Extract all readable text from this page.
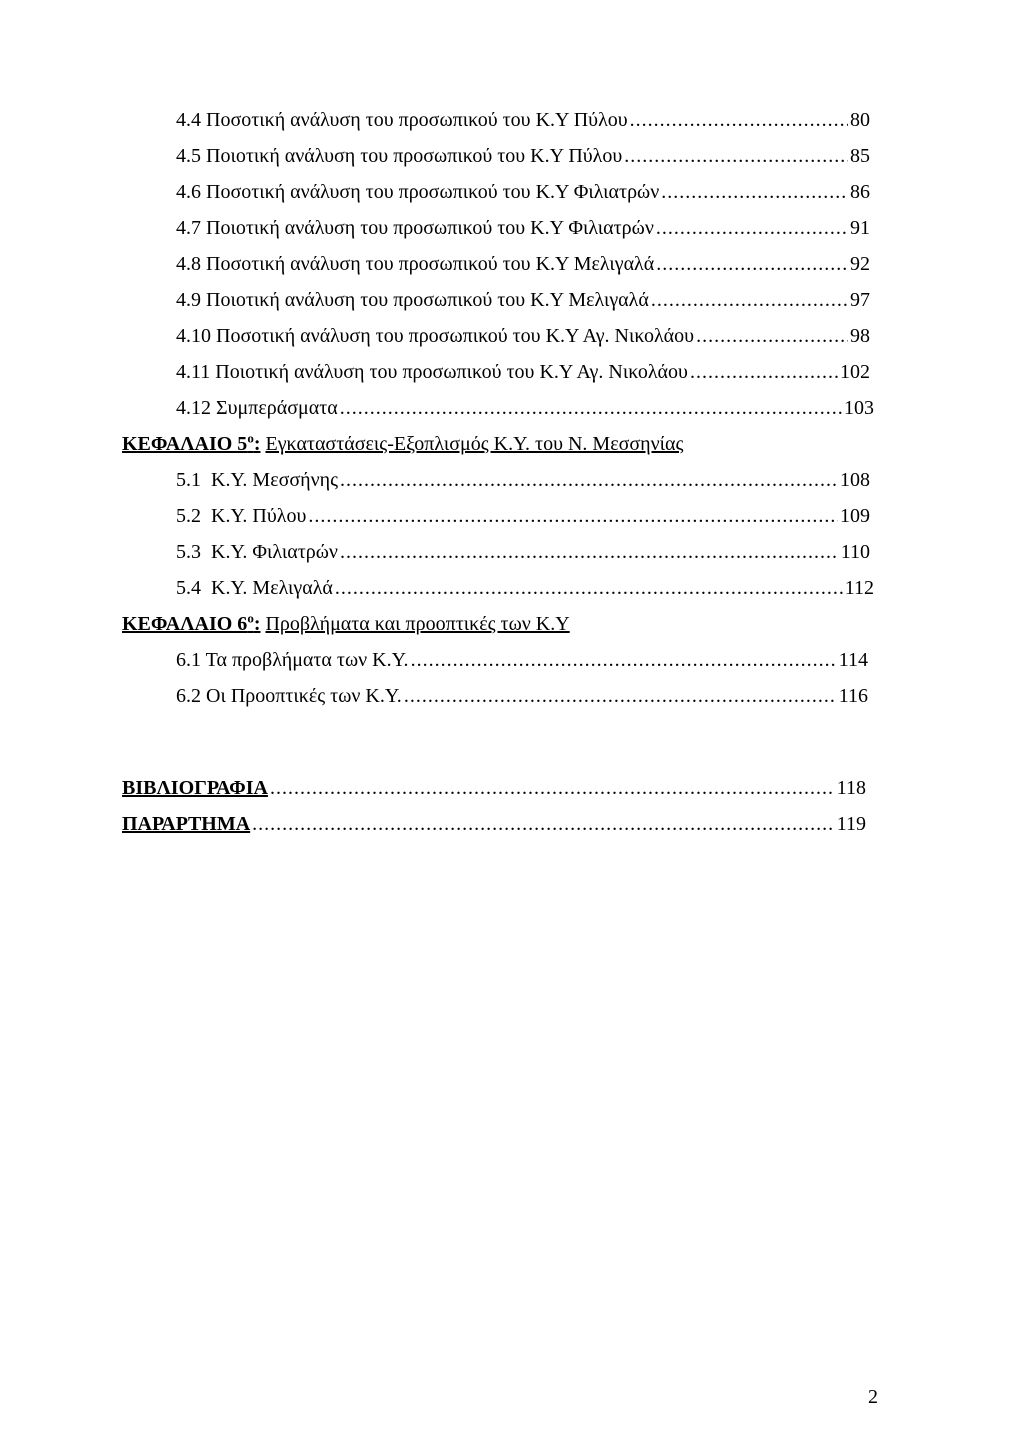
4.4 Ποσοτική ανάλυση του προσωπικού του Κ.Υ Πύλου .....	80
4.5 Ποιοτική ανάλυση του προσωπικού του Κ.Υ Πύλου .....	85
4.6 Ποσοτική ανάλυση του προσωπικού του Κ.Υ Φιλιατρών .....	86
4.7 Ποιοτική ανάλυση του προσωπικού του Κ.Υ Φιλιατρών .....	91
4.8 Ποσοτική ανάλυση του προσωπικού του Κ.Υ Μελιγαλά .....	92
4.9 Ποιοτική ανάλυση του προσωπικού του Κ.Υ Μελιγαλά .....	97
4.10 Ποσοτική ανάλυση του προσωπικού του Κ.Υ Αγ. Νικολάου .....	98
4.11 Ποιοτική ανάλυση του προσωπικού του Κ.Υ Αγ. Νικολάου .....	102
4.12 Συμπεράσματα .....	103
ΚΕΦΑΛΑΙΟ $5^o$: Εγκαταστάσεις-Εξοπλισμός Κ.Υ. του Ν. Μεσσηνίας
5.1  Κ.Υ. Μεσσήνης .....	108
5.2  Κ.Υ. Πύλου .....	109
5.3  Κ.Υ. Φιλιατρών .....	110
5.4  Κ.Υ. Μελιγαλά .....	112
ΚΕΦΑΛΑΙΟ $6^o$: Προβλήματα και προοπτικές των Κ.Υ
6.1 Τα προβλήματα των Κ.Υ. .....	114
6.2 Οι Προοπτικές των Κ.Υ. .....	116
ΒΙΒΛΙΟΓΡΑΦΙΑ .....	118
ΠΑΡΑΡΤΗΜΑ .....	119
2
